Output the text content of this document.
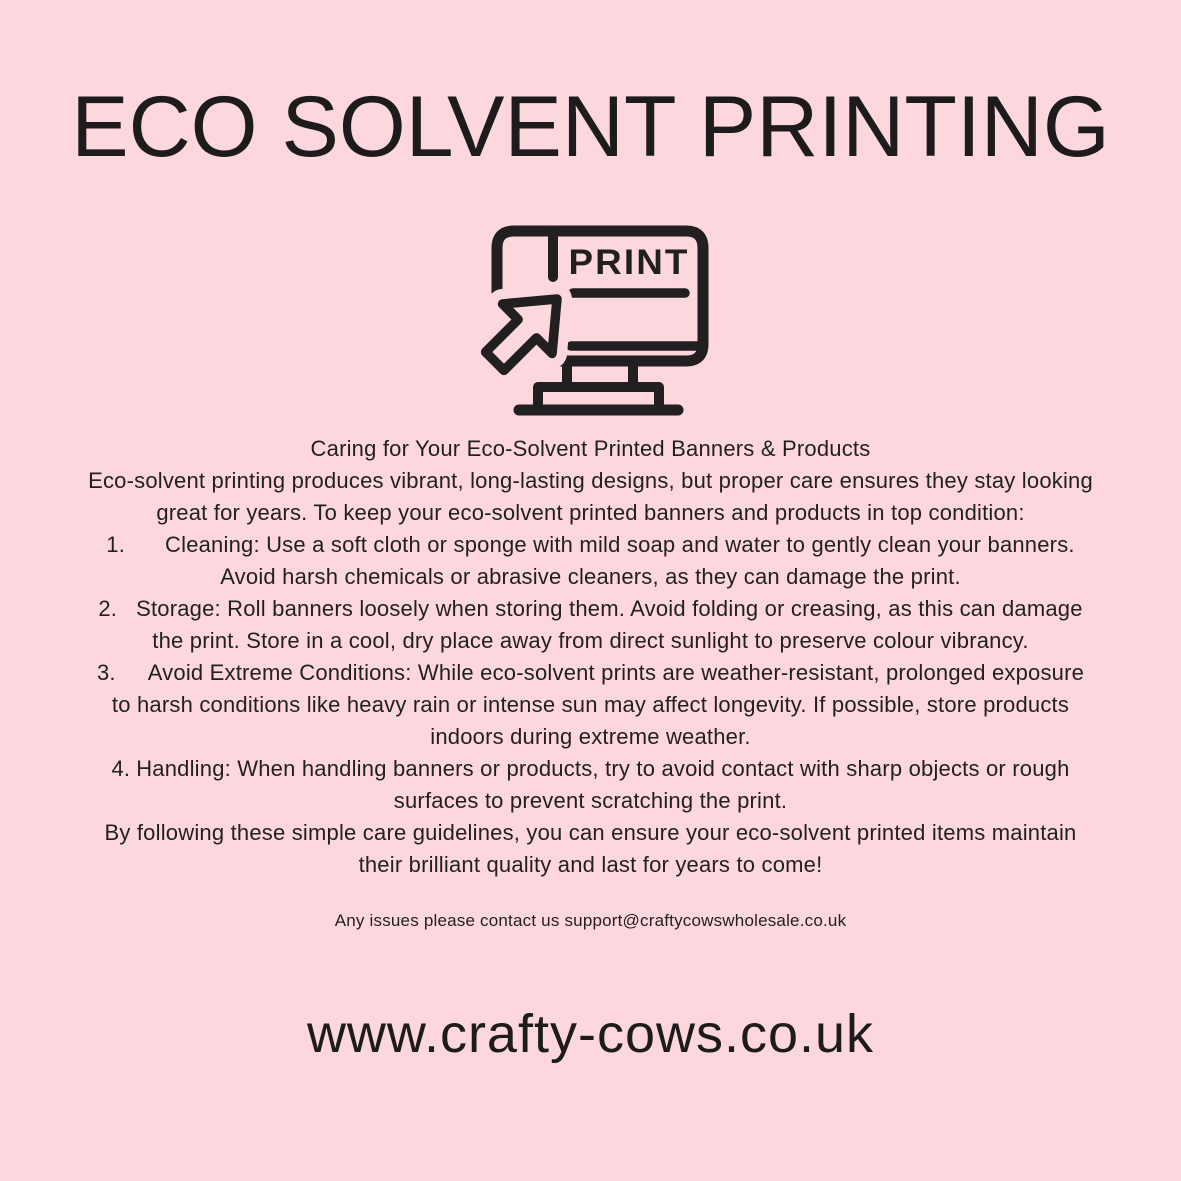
ECO SOLVENT PRINTING
PRINT

Caring for Your Eco-Solvent Printed Banners & Products

Eco-solvent printing produces vibrant, long-lasting designs, but proper care ensures they stay looking great for years. To keep your eco-solvent printed banners and products in top condition:

1. Cleaning: Use a soft cloth or sponge with mild soap and water to gently clean your banners. Avoid harsh chemicals or abrasive cleaners, as they can damage the print.

2. Storage: Roll banners loosely when storing them. Avoid folding or creasing, as this can damage the print. Store in a cool, dry place away from direct sunlight to preserve colour vibrancy.

3. Avoid Extreme Conditions: While eco-solvent prints are weather-resistant, prolonged exposure to harsh conditions like heavy rain or intense sun may affect longevity. If possible, store products indoors during extreme weather.

4. Handling: When handling banners or products, try to avoid contact with sharp objects or rough surfaces to prevent scratching the print.

By following these simple care guidelines, you can ensure your eco-solvent printed items maintain their brilliant quality and last for years to come!

Any issues please contact us support@craftycowswholesale.co.uk

www.crafty-cows.co.uk
